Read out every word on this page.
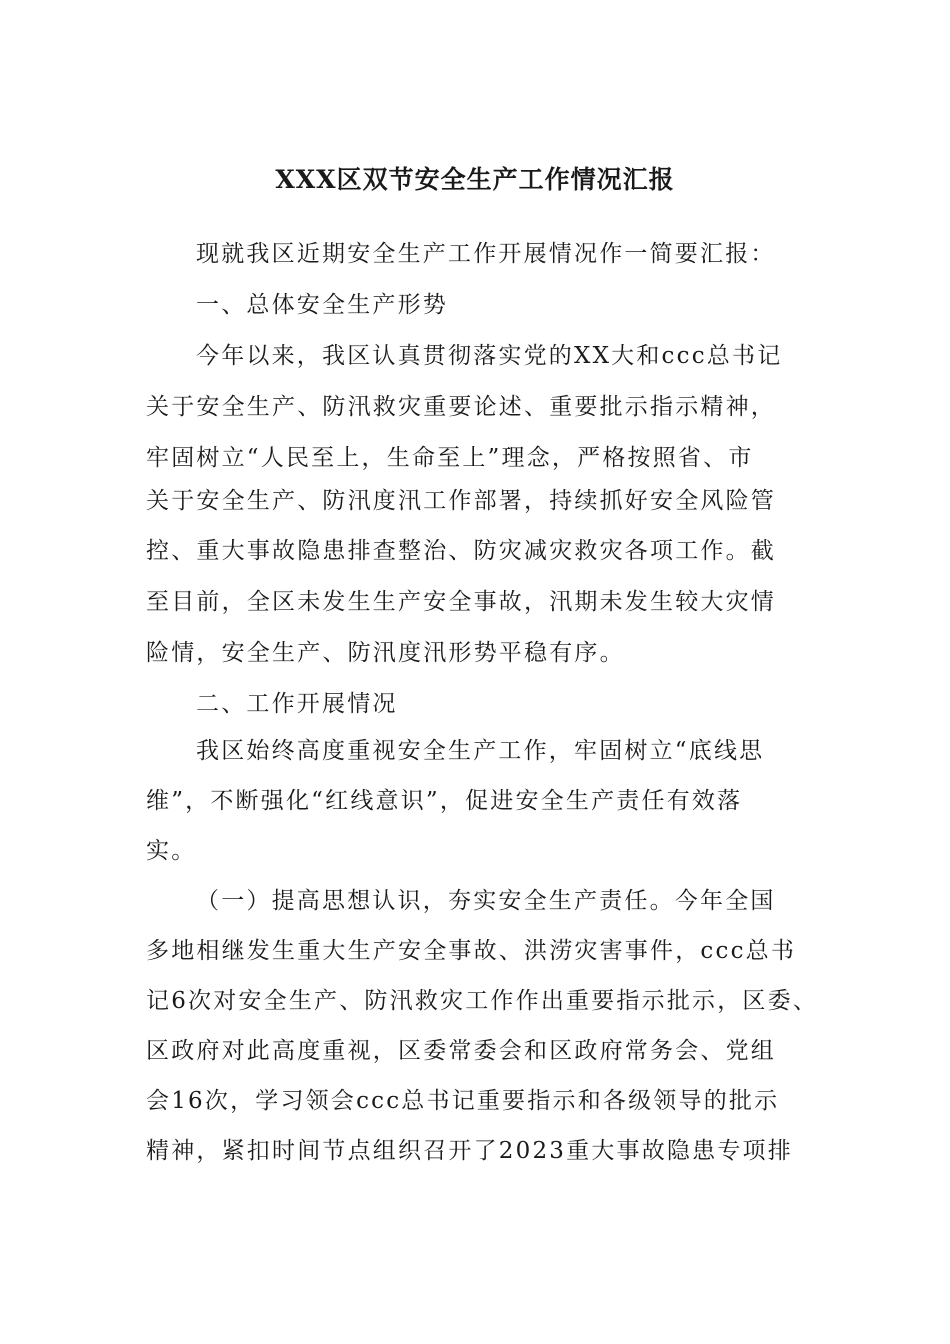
XXX区双节安全生产工作情况汇报
现就我区近期安全生产工作开展情况作一简要汇报：
一、总体安全生产形势
今年以来，我区认真贯彻落实党的XX大和ccc总书记
关于安全生产、防汛救灾重要论述、重要批示指示精神，
牢固树立“人民至上，生命至上”理念，严格按照省、市
关于安全生产、防汛度汛工作部署，持续抓好安全风险管
控、重大事故隐患排查整治、防灾减灾救灾各项工作。截
至目前，全区未发生生产安全事故，汛期未发生较大灾情
险情，安全生产、防汛度汛形势平稳有序。
二、工作开展情况
我区始终高度重视安全生产工作，牢固树立“底线思
维”，不断强化“红线意识”，促进安全生产责任有效落
实。
（一）提高思想认识，夯实安全生产责任。今年全国
多地相继发生重大生产安全事故、洪涝灾害事件，ccc总书
记6次对安全生产、防汛救灾工作作出重要指示批示，区委、
区政府对此高度重视，区委常委会和区政府常务会、党组
会16次，学习领会ccc总书记重要指示和各级领导的批示
精神，紧扣时间节点组织召开了2023重大事故隐患专项排
